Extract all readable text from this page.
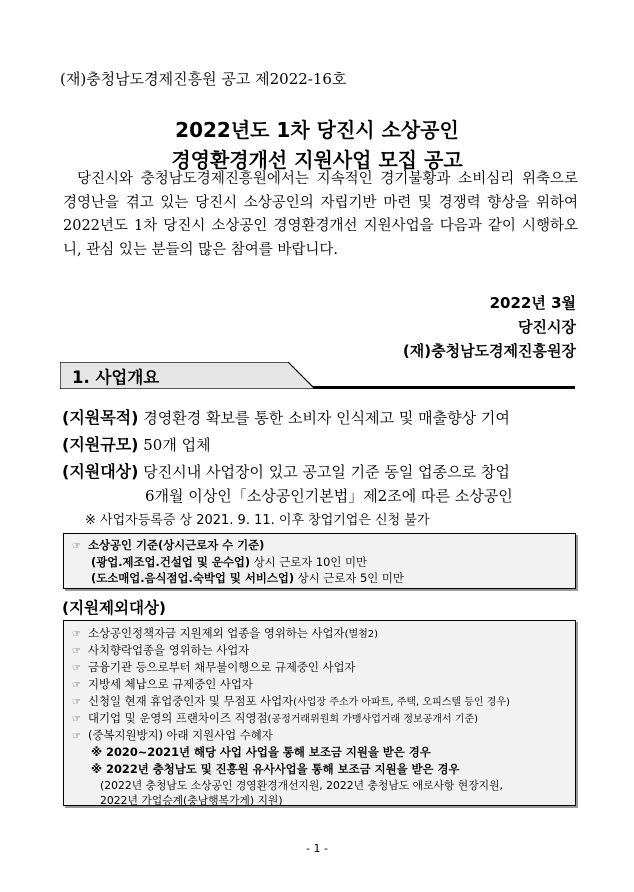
(재)충청남도경제진흥원 공고 제2022-16호
2022년도 1차 당진시 소상공인
경영환경개선 지원사업 모집 공고

당진시와 충청남도경제진흥원에서는 지속적인 경기불황과 소비심리 위축으로 경영난을 겪고 있는 당진시 소상공인의 자립기반 마련 및 경쟁력 향상을 위하여 2022년도 1차 당진시 소상공인 경영환경개선 지원사업을 다음과 같이 시행하오니, 관심 있는 분들의 많은 참여를 바랍니다.

2022년 3월
당진시장
(재)충청남도경제진흥원장
1. 사업개요
(지원목적) 경영환경 확보를 통한 소비자 인식제고 및 매출향상 기여
(지원규모) 50개 업체
(지원대상) 당진시내 사업장이 있고 공고일 기준 동일 업종으로 창업
6개월 이상인「소상공인기본법」제2조에 따른 소상공인
※ 사업자등록증 상 2021. 9. 11. 이후 창업기업은 신청 불가
☞ 소상공인 기준(상시근로자 수 기준)
(광업.제조업.건설업 및 운수업) 상시 근로자 10인 미만
(도소매업.음식점업.숙박업 및 서비스업) 상시 근로자 5인 미만
(지원제외대상)
☞ 소상공인정책자금 지원제외 업종을 영위하는 사업자(별첨2)
☞ 사치향락업종을 영위하는 사업자
☞ 금융기관 등으로부터 채무불이행으로 규제중인 사업자
☞ 지방세 체납으로 규제중인 사업자
☞ 신청일 현재 휴업중인자 및 무점포 사업자(사업장 주소가 아파트, 주택, 오피스텔 등인 경우)
☞ 대기업 및 운영의 프랜차이즈 직영점(공정거래위원회 가맹사업거래 정보공개서 기준)
☞ (중복지원방지) 아래 지원사업 수혜자
※ 2020~2021년 해당 사업 사업을 통해 보조금 지원을 받은 경우
※ 2022년 충청남도 및 진흥원 유사사업을 통해 보조금 지원을 받은 경우
(2022년 충청남도 소상공인 경영환경개선지원, 2022년 충청남도 애로사항 현장지원,
2022년 가업승계(충남행복가게) 지원)
- 1 -
